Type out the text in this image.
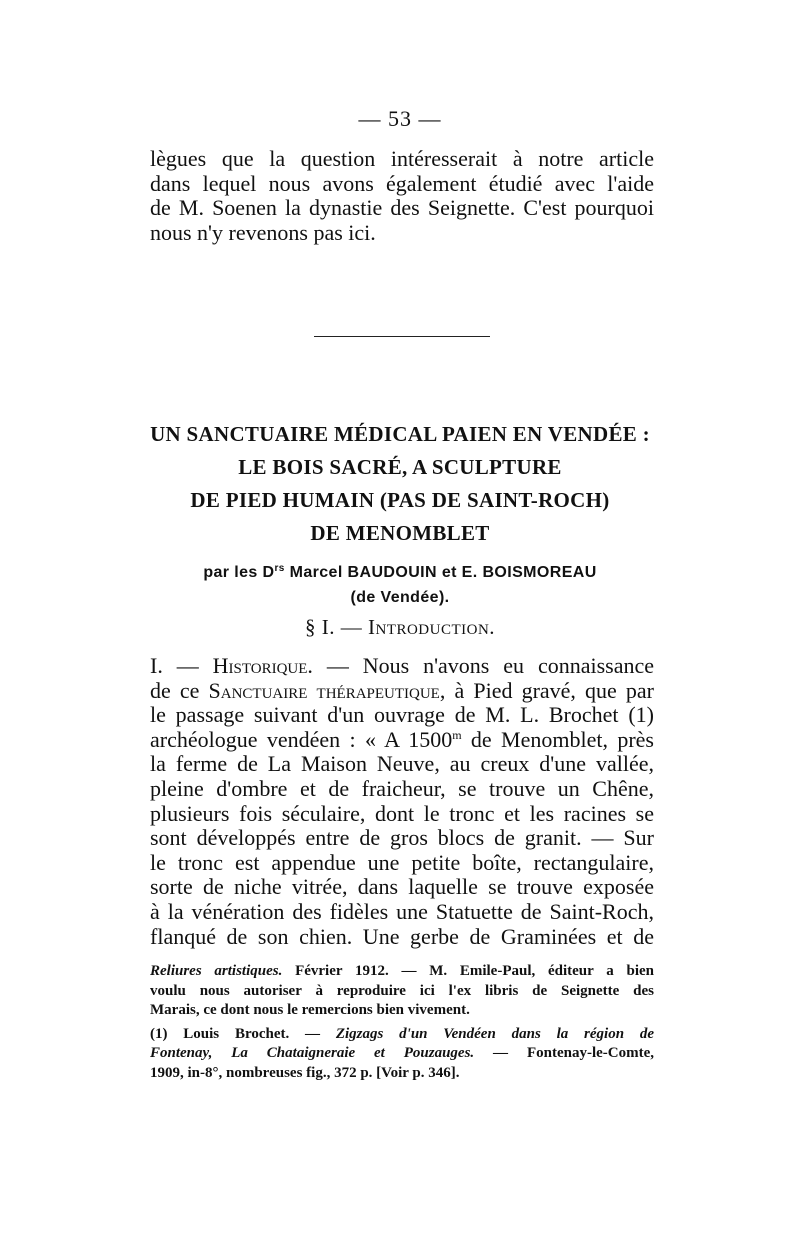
— 53 —
lègues que la question intéresserait à notre article
dans lequel nous avons également étudié avec l'aide
de M. Soenen la dynastie des Seignette. C'est pourquoi
nous n'y revenons pas ici.
UN SANCTUAIRE MÉDICAL PAIEN EN VENDÉE :
LE BOIS SACRÉ, A SCULPTURE
DE PIED HUMAIN (PAS DE SAINT-ROCH)
DE MENOMBLET
par les $D^{rs}$ Marcel BAUDOUIN et E. BOISMOREAU
(de Vendée).
§ I. — Introduction.
I. — Historique. — Nous n'avons eu connaissance
de ce Sanctuaire thérapeutique, à Pied gravé, que par
le passage suivant d'un ouvrage de M. L. Brochet (1)
archéologue vendéen : « A 1500$^m$ de Menomblet, près
la ferme de La Maison Neuve, au creux d'une vallée,
pleine d'ombre et de fraicheur, se trouve un Chêne,
plusieurs fois séculaire, dont le tronc et les racines se
sont développés entre de gros blocs de granit. — Sur
le tronc est appendue une petite boîte, rectangulaire,
sorte de niche vitrée, dans laquelle se trouve exposée
à la vénération des fidèles une Statuette de Saint-Roch,
flanqué de son chien. Une gerbe de Graminées et de
Reliures artistiques. Février 1912. — M. Emile-Paul, éditeur a bien
voulu nous autoriser à reproduire ici l'ex libris de Seignette des
Marais, ce dont nous le remercions bien vivement.
(1) Louis Brochet. — Zigzags d'un Vendéen dans la région de
Fontenay, La Chataigneraie et Pouzauges. — Fontenay-le-Comte,
1909, in-8°, nombreuses fig., 372 p. [Voir p. 346].
